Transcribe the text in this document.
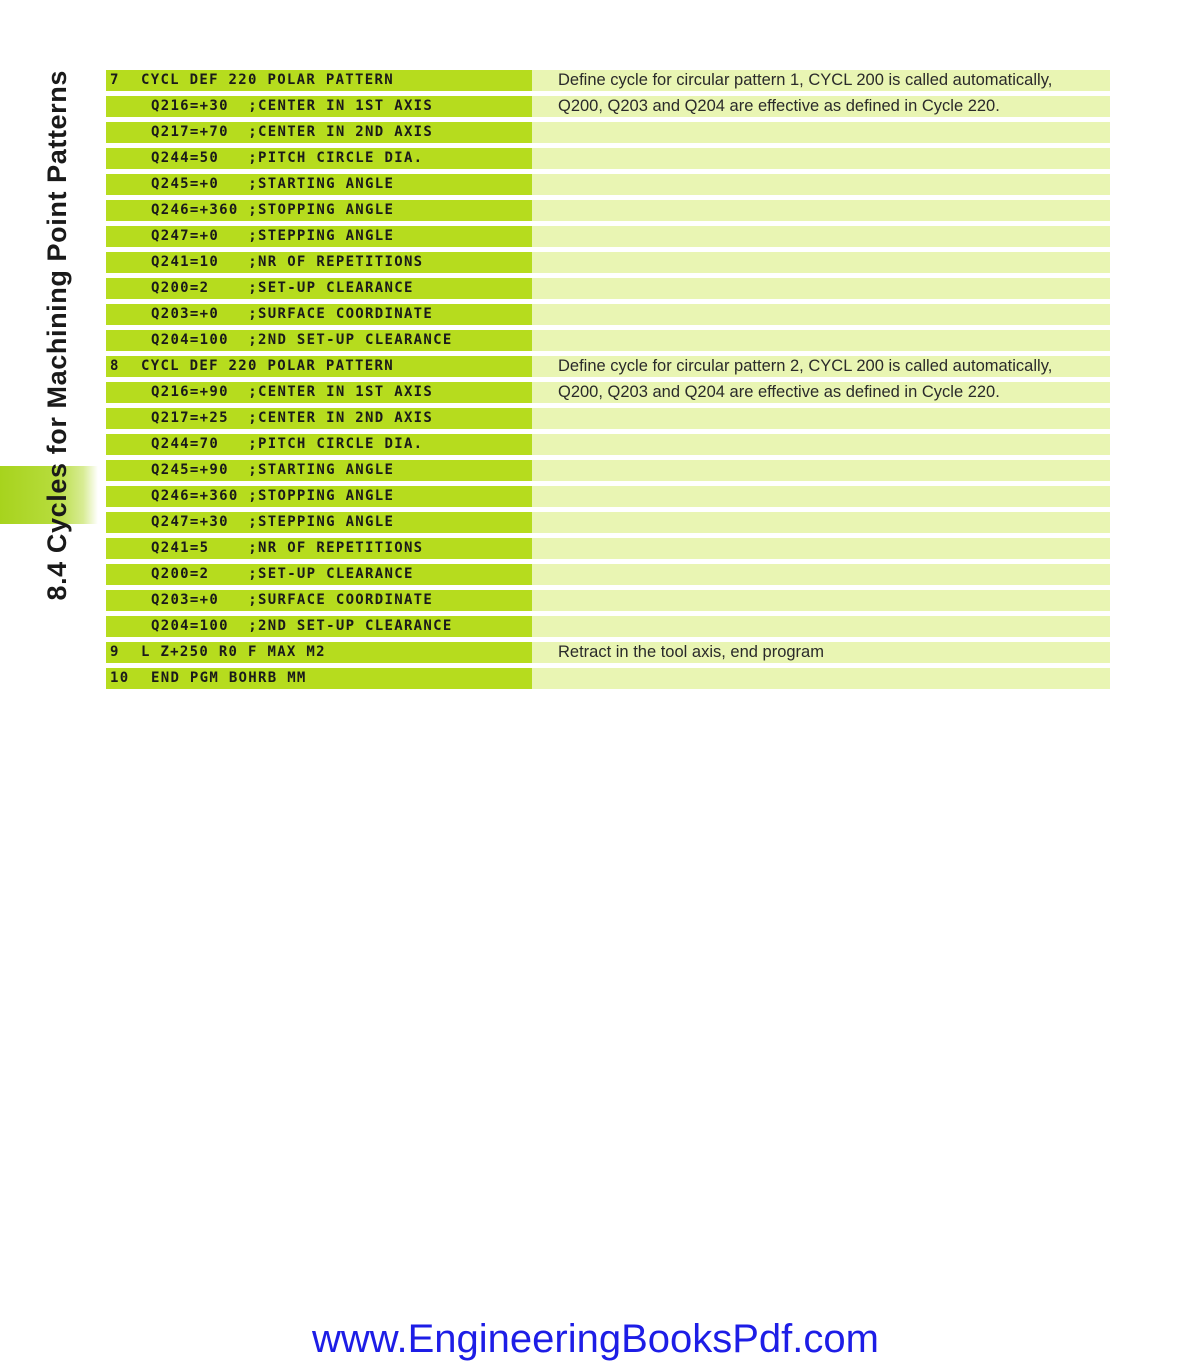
8.4 Cycles for Machining Point Patterns	7 CYCL DEF 220 POLAR PATTERN	Define cycle for circular pattern 1, CYCL 200 is called automatically,
Q216=+30  ;CENTER IN 1ST AXIS	Q200, Q203 and Q204 are effective as defined in Cycle 220.
Q217=+70  ;CENTER IN 2ND AXIS
Q244=50   ;PITCH CIRCLE DIA.
Q245=+0   ;STARTING ANGLE
Q246=+360 ;STOPPING ANGLE
Q247=+0   ;STEPPING ANGLE
Q241=10   ;NR OF REPETITIONS
Q200=2    ;SET-UP CLEARANCE
Q203=+0   ;SURFACE COORDINATE
Q204=100  ;2ND SET-UP CLEARANCE
8 CYCL DEF 220 POLAR PATTERN	Define cycle for circular pattern 2, CYCL 200 is called automatically,
Q216=+90  ;CENTER IN 1ST AXIS	Q200, Q203 and Q204 are effective as defined in Cycle 220.
Q217=+25  ;CENTER IN 2ND AXIS
Q244=70   ;PITCH CIRCLE DIA.
Q245=+90  ;STARTING ANGLE
Q246=+360 ;STOPPING ANGLE
Q247=+30  ;STEPPING ANGLE
Q241=5    ;NR OF REPETITIONS
Q200=2    ;SET-UP CLEARANCE
Q203=+0   ;SURFACE COORDINATE
Q204=100  ;2ND SET-UP CLEARANCE
9 L Z+250 R0 F MAX M2	Retract in the tool axis, end program
10 END PGM BOHRB MM
www.EngineeringBooksPdf.com
